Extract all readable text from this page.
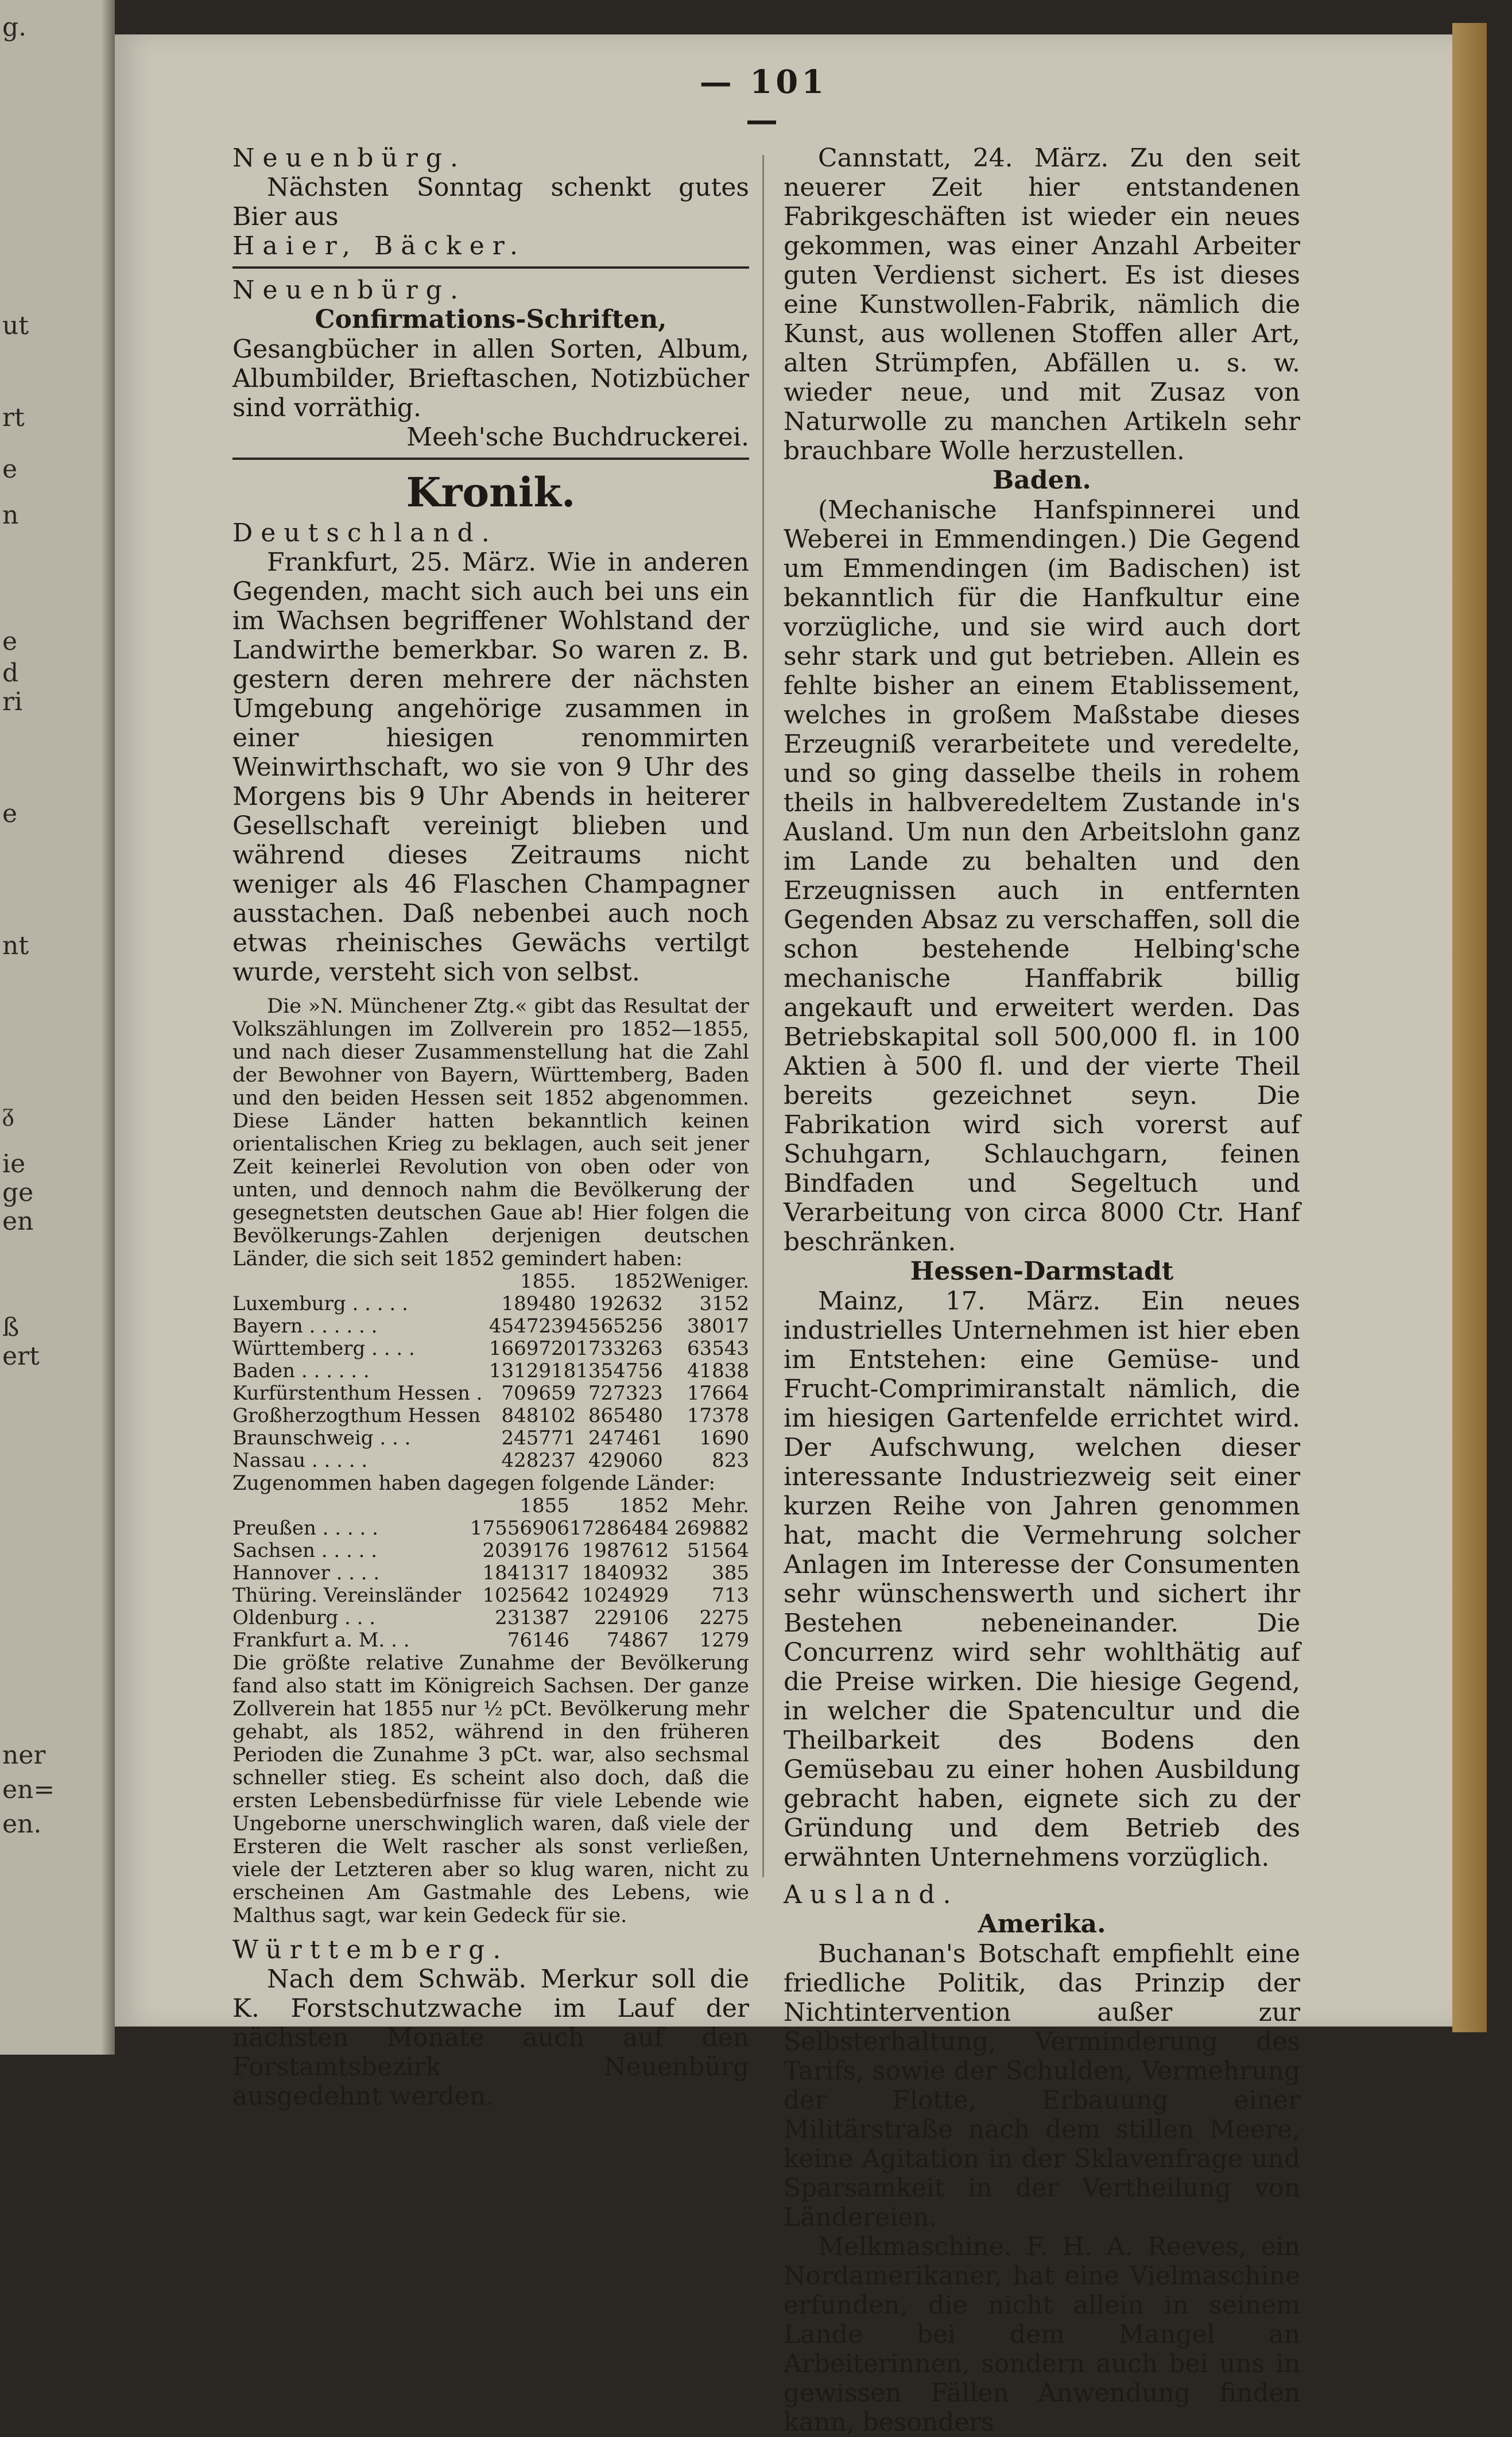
g.
ut
rt
e
n
e
d
ri
e
nt
ᵹ
ie
ge
en
ß
ert
ner
en=
en.
— 101 —

Neuenbürg.

Nächsten Sonntag schenkt gutes Bier aus

Haier, Bäcker.

Neuenbürg.

Confirmations-Schriften,

Gesangbücher in allen Sorten, Album, Albumbilder, Brieftaschen, Notizbücher sind vorräthig.

Meeh'sche Buchdruckerei.

Kronik.

Deutschland.

Frankfurt, 25. März. Wie in anderen Gegenden, macht sich auch bei uns ein im Wachsen begriffener Wohlstand der Landwirthe bemerkbar. So waren z. B. gestern deren mehrere der nächsten Umgebung angehörige zusammen in einer hiesigen renommirten Weinwirthschaft, wo sie von 9 Uhr des Morgens bis 9 Uhr Abends in heiterer Gesellschaft vereinigt blieben und während dieses Zeitraums nicht weniger als 46 Flaschen Champagner ausstachen. Daß nebenbei auch noch etwas rheinisches Gewächs vertilgt wurde, versteht sich von selbst.

Die »N. Münchener Ztg.« gibt das Resultat der Volkszählungen im Zollverein pro 1852—1855, und nach dieser Zusammenstellung hat die Zahl der Bewohner von Bayern, Württemberg, Baden und den beiden Hessen seit 1852 abgenommen. Diese Länder hatten bekanntlich keinen orientalischen Krieg zu beklagen, auch seit jener Zeit keinerlei Revolution von oben oder von unten, und dennoch nahm die Bevölkerung der gesegnetsten deutschen Gaue ab! Hier folgen die Bevölkerungs-Zahlen derjenigen deutschen Länder, die sich seit 1852 gemindert haben:

	1855.	1852	Weniger.
Luxemburg . . . . .	189480	192632	3152
Bayern . . . . . .	4547239	4565256	38017
Württemberg . . . .	1669720	1733263	63543
Baden . . . . . .	1312918	1354756	41838
Kurfürstenthum Hessen .	709659	727323	17664
Großherzogthum Hessen	848102	865480	17378
Braunschweig . . .	245771	247461	1690
Nassau . . . . .	428237	429060	823

Zugenommen haben dagegen folgende Länder:

	1855	1852	Mehr.
Preußen . . . . .	17556906	17286484	269882
Sachsen . . . . .	2039176	1987612	51564
Hannover . . . .	1841317	1840932	385
Thüring. Vereinsländer	1025642	1024929	713
Oldenburg . . .	231387	229106	2275
Frankfurt a. M. . .	76146	74867	1279

Die größte relative Zunahme der Bevölkerung fand also statt im Königreich Sachsen. Der ganze Zollverein hat 1855 nur ½ pCt. Bevölkerung mehr gehabt, als 1852, während in den früheren Perioden die Zunahme 3 pCt. war, also sechsmal schneller stieg. Es scheint also doch, daß die ersten Lebensbedürfnisse für viele Lebende wie Ungeborne unerschwinglich waren, daß viele der Ersteren die Welt rascher als sonst verließen, viele der Letzteren aber so klug waren, nicht zu erscheinen Am Gastmahle des Lebens, wie Malthus sagt, war kein Gedeck für sie.

Württemberg.

Nach dem Schwäb. Merkur soll die K. Forstschutzwache im Lauf der nächsten Monate auch auf den Forstamtsbezirk Neuenbürg ausgedehnt werden.

Cannstatt, 24. März. Zu den seit neuerer Zeit hier entstandenen Fabrikgeschäften ist wieder ein neues gekommen, was einer Anzahl Arbeiter guten Verdienst sichert. Es ist dieses eine Kunstwollen-Fabrik, nämlich die Kunst, aus wollenen Stoffen aller Art, alten Strümpfen, Abfällen u. s. w. wieder neue, und mit Zusaz von Naturwolle zu manchen Artikeln sehr brauchbare Wolle herzustellen.

Baden.

(Mechanische Hanfspinnerei und Weberei in Emmendingen.) Die Gegend um Emmendingen (im Badischen) ist bekanntlich für die Hanfkultur eine vorzügliche, und sie wird auch dort sehr stark und gut betrieben. Allein es fehlte bisher an einem Etablissement, welches in großem Maßstabe dieses Erzeugniß verarbeitete und veredelte, und so ging dasselbe theils in rohem theils in halbveredeltem Zustande in's Ausland. Um nun den Arbeitslohn ganz im Lande zu behalten und den Erzeugnissen auch in entfernten Gegenden Absaz zu verschaffen, soll die schon bestehende Helbing'sche mechanische Hanffabrik billig angekauft und erweitert werden. Das Betriebskapital soll 500,000 fl. in 100 Aktien à 500 fl. und der vierte Theil bereits gezeichnet seyn. Die Fabrikation wird sich vorerst auf Schuhgarn, Schlauchgarn, feinen Bindfaden und Segeltuch und Verarbeitung von circa 8000 Ctr. Hanf beschränken.

Hessen-Darmstadt

Mainz, 17. März. Ein neues industrielles Unternehmen ist hier eben im Entstehen: eine Gemüse- und Frucht-Comprimiranstalt nämlich, die im hiesigen Gartenfelde errichtet wird. Der Aufschwung, welchen dieser interessante Industriezweig seit einer kurzen Reihe von Jahren genommen hat, macht die Vermehrung solcher Anlagen im Interesse der Consumenten sehr wünschenswerth und sichert ihr Bestehen nebeneinander. Die Concurrenz wird sehr wohlthätig auf die Preise wirken. Die hiesige Gegend, in welcher die Spatencultur und die Theilbarkeit des Bodens den Gemüsebau zu einer hohen Ausbildung gebracht haben, eignete sich zu der Gründung und dem Betrieb des erwähnten Unternehmens vorzüglich.

Ausland.

Amerika.

Buchanan's Botschaft empfiehlt eine friedliche Politik, das Prinzip der Nichtintervention außer zur Selbsterhaltung, Verminderung des Tarifs, sowie der Schulden, Vermehrung der Flotte, Erbauung einer Militärstraße nach dem stillen Meere, keine Agitation in der Sklavenfrage und Sparsamkeit in der Vertheilung von Ländereien.

Melkmaschine. F. H. A. Reeves, ein Nordamerikaner, hat eine Vielmaschine erfunden, die nicht allein in seinem Lande bei dem Mangel an Arbeiterinnen, sondern auch bei uns in gewissen Fällen Anwendung finden kann, besonders
